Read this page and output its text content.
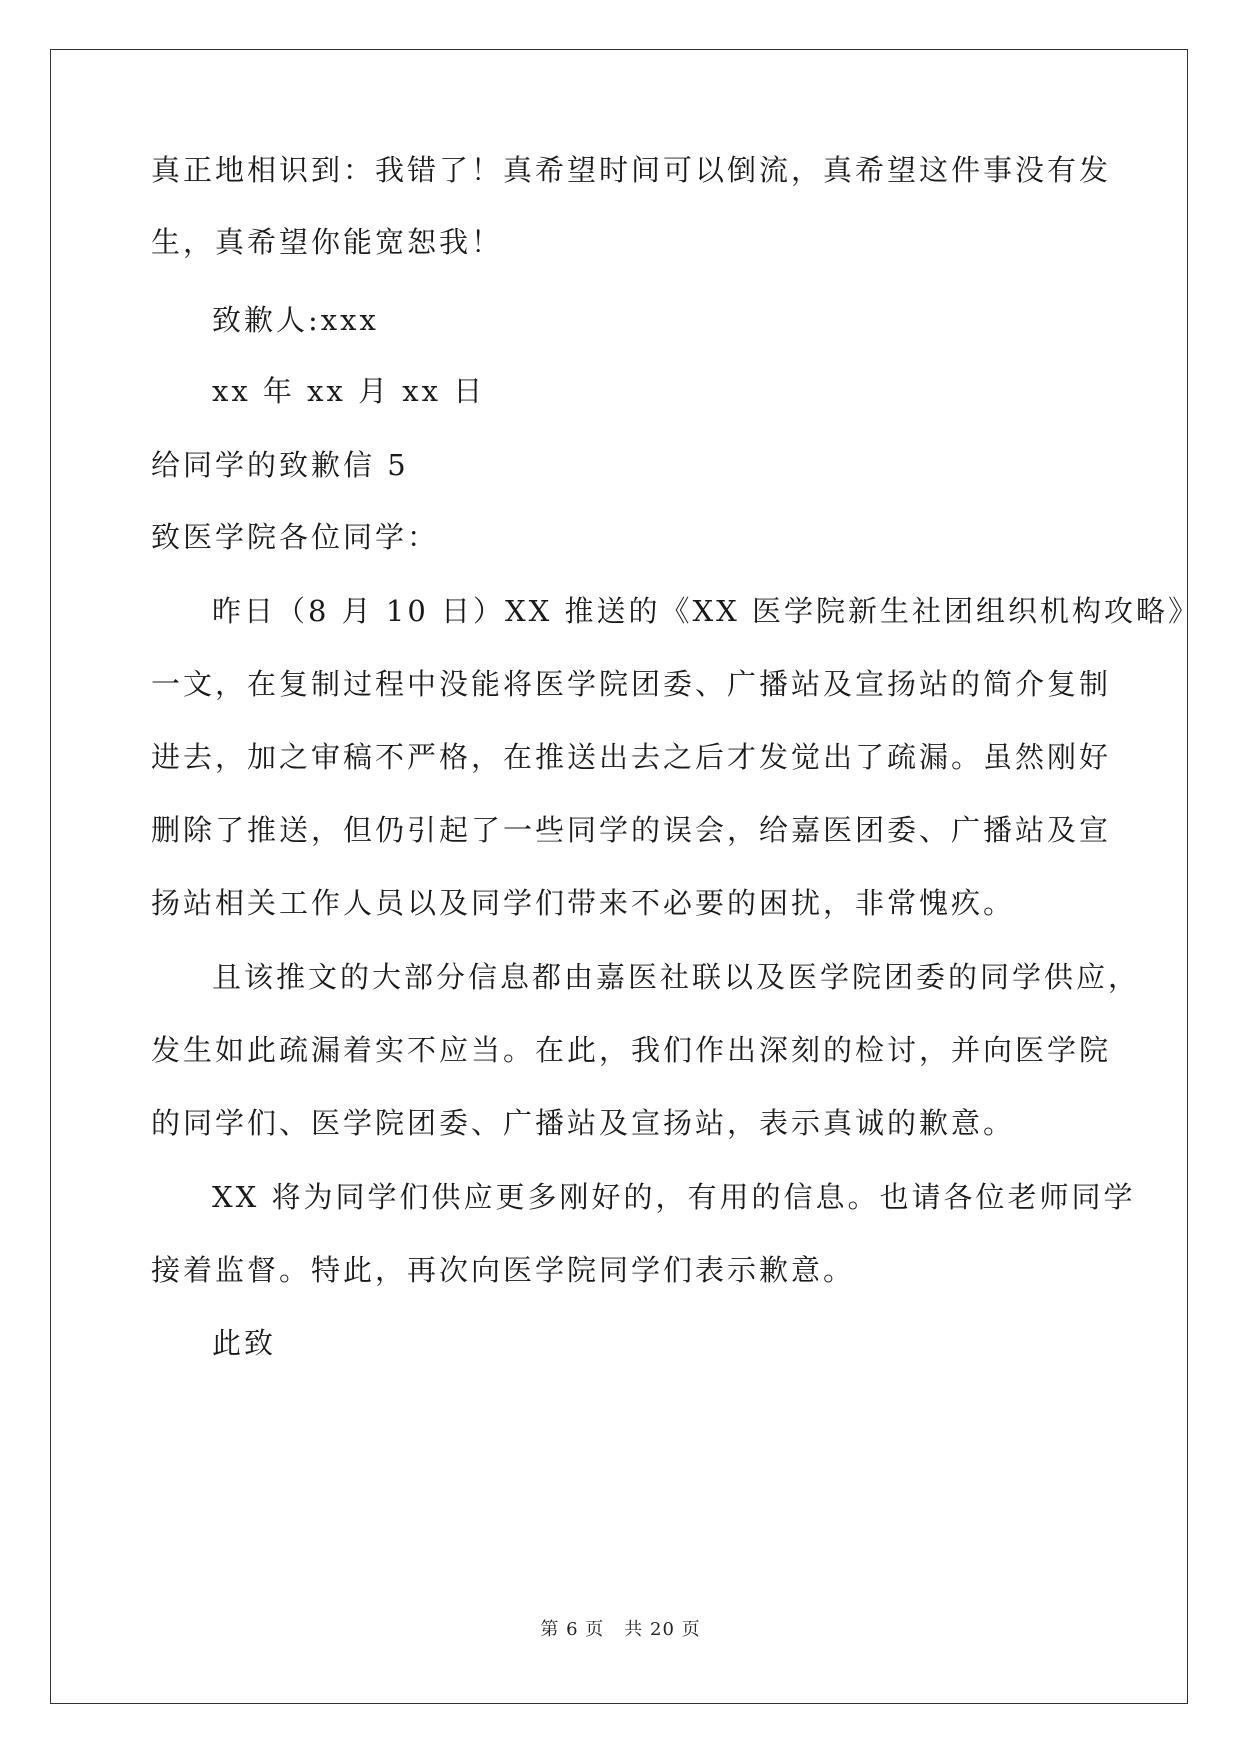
真正地相识到：我错了！真希望时间可以倒流，真希望这件事没有发
生，真希望你能宽恕我！
致歉人:xxx
xx 年 xx 月 xx 日
给同学的致歉信 5
致医学院各位同学：
昨日（8 月 10 日）XX 推送的《XX 医学院新生社团组织机构攻略》
一文，在复制过程中没能将医学院团委、广播站及宣扬站的简介复制
进去，加之审稿不严格，在推送出去之后才发觉出了疏漏。虽然刚好
删除了推送，但仍引起了一些同学的误会，给嘉医团委、广播站及宣
扬站相关工作人员以及同学们带来不必要的困扰，非常愧疚。
且该推文的大部分信息都由嘉医社联以及医学院团委的同学供应，
发生如此疏漏着实不应当。在此，我们作出深刻的检讨，并向医学院
的同学们、医学院团委、广播站及宣扬站，表示真诚的歉意。
XX 将为同学们供应更多刚好的，有用的信息。也请各位老师同学
接着监督。特此，再次向医学院同学们表示歉意。
此致
第 6 页 共 20 页
